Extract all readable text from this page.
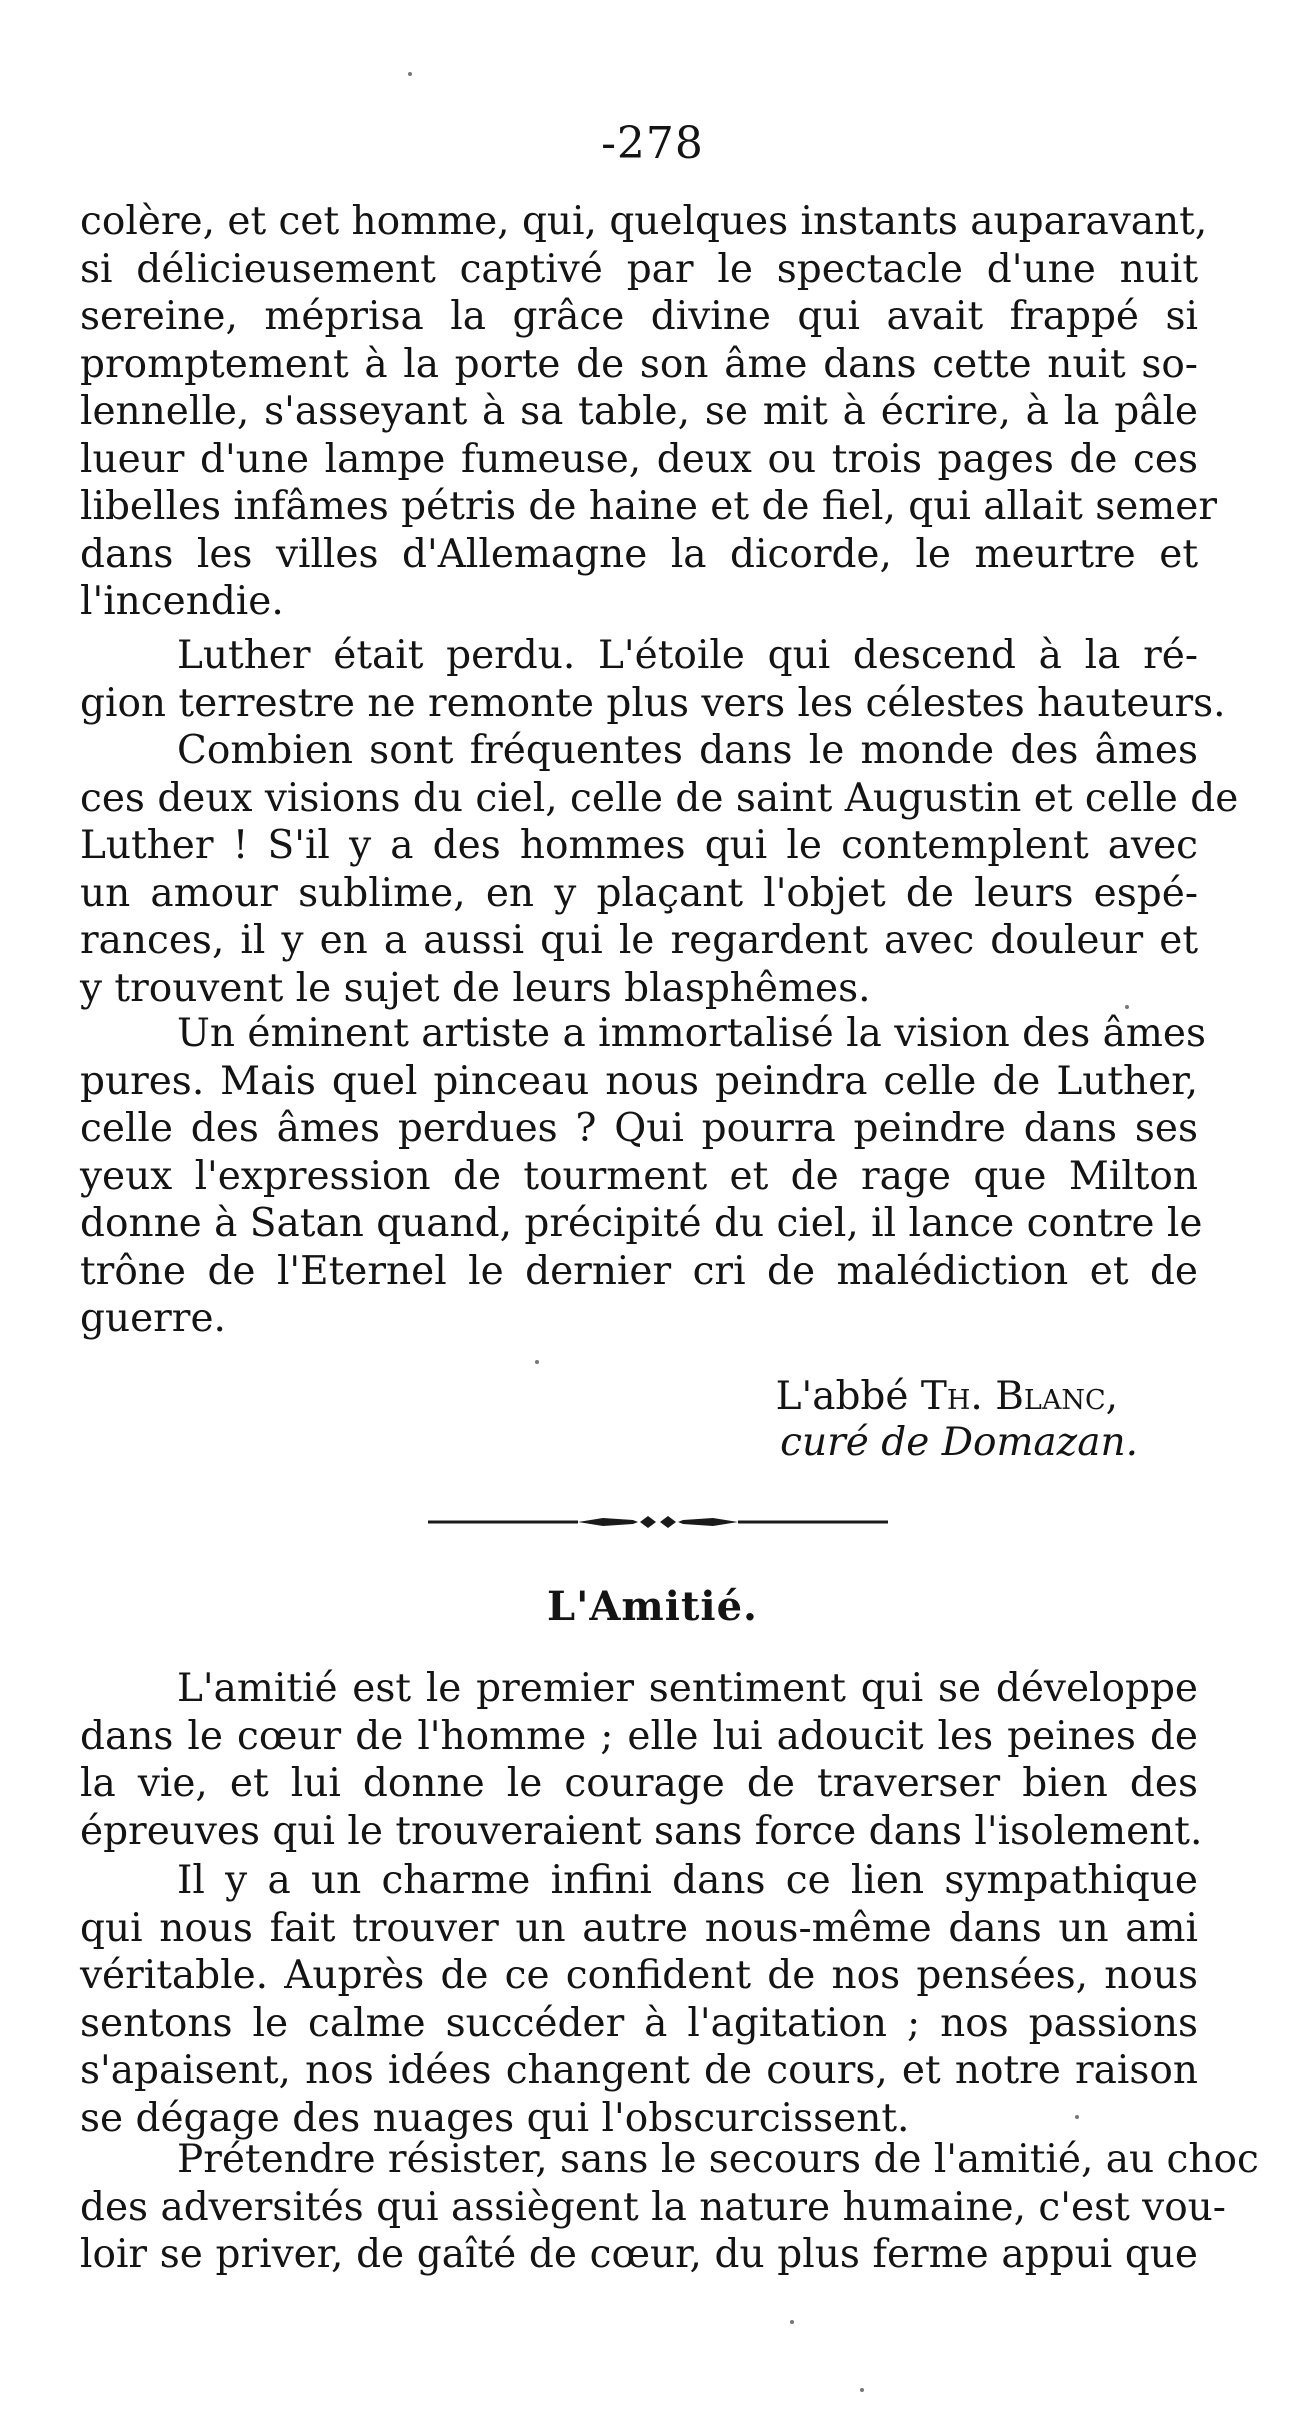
-278
colère, et cet homme, qui, quelques instants auparavant,
si délicieusement captivé par le spectacle d'une nuit
sereine, méprisa la grâce divine qui avait frappé si
promptement à la porte de son âme dans cette nuit so-
lennelle, s'asseyant à sa table, se mit à écrire, à la pâle
lueur d'une lampe fumeuse, deux ou trois pages de ces
libelles infâmes pétris de haine et de fiel, qui allait semer
dans les villes d'Allemagne la dicorde, le meurtre et
l'incendie.
Luther était perdu. L'étoile qui descend à la ré-
gion terrestre ne remonte plus vers les célestes hauteurs.
Combien sont fréquentes dans le monde des âmes
ces deux visions du ciel, celle de saint Augustin et celle de
Luther ! S'il y a des hommes qui le contemplent avec
un amour sublime, en y plaçant l'objet de leurs espé-
rances, il y en a aussi qui le regardent avec douleur et
y trouvent le sujet de leurs blasphêmes.
Un éminent artiste a immortalisé la vision des âmes
pures. Mais quel pinceau nous peindra celle de Luther,
celle des âmes perdues ? Qui pourra peindre dans ses
yeux l'expression de tourment et de rage que Milton
donne à Satan quand, précipité du ciel, il lance contre le
trône de l'Eternel le dernier cri de malédiction et de
guerre.
L'amitié est le premier sentiment qui se développe
dans le cœur de l'homme ; elle lui adoucit les peines de
la vie, et lui donne le courage de traverser bien des
épreuves qui le trouveraient sans force dans l'isolement.
Il y a un charme infini dans ce lien sympathique
qui nous fait trouver un autre nous-même dans un ami
véritable. Auprès de ce confident de nos pensées, nous
sentons le calme succéder à l'agitation ; nos passions
s'apaisent, nos idées changent de cours, et notre raison
se dégage des nuages qui l'obscurcissent.
Prétendre résister, sans le secours de l'amitié, au choc
des adversités qui assiègent la nature humaine, c'est vou-
loir se priver, de gaîté de cœur, du plus ferme appui que
L'abbé Th. Blanc,
curé de Domazan.
L'Amitié.
